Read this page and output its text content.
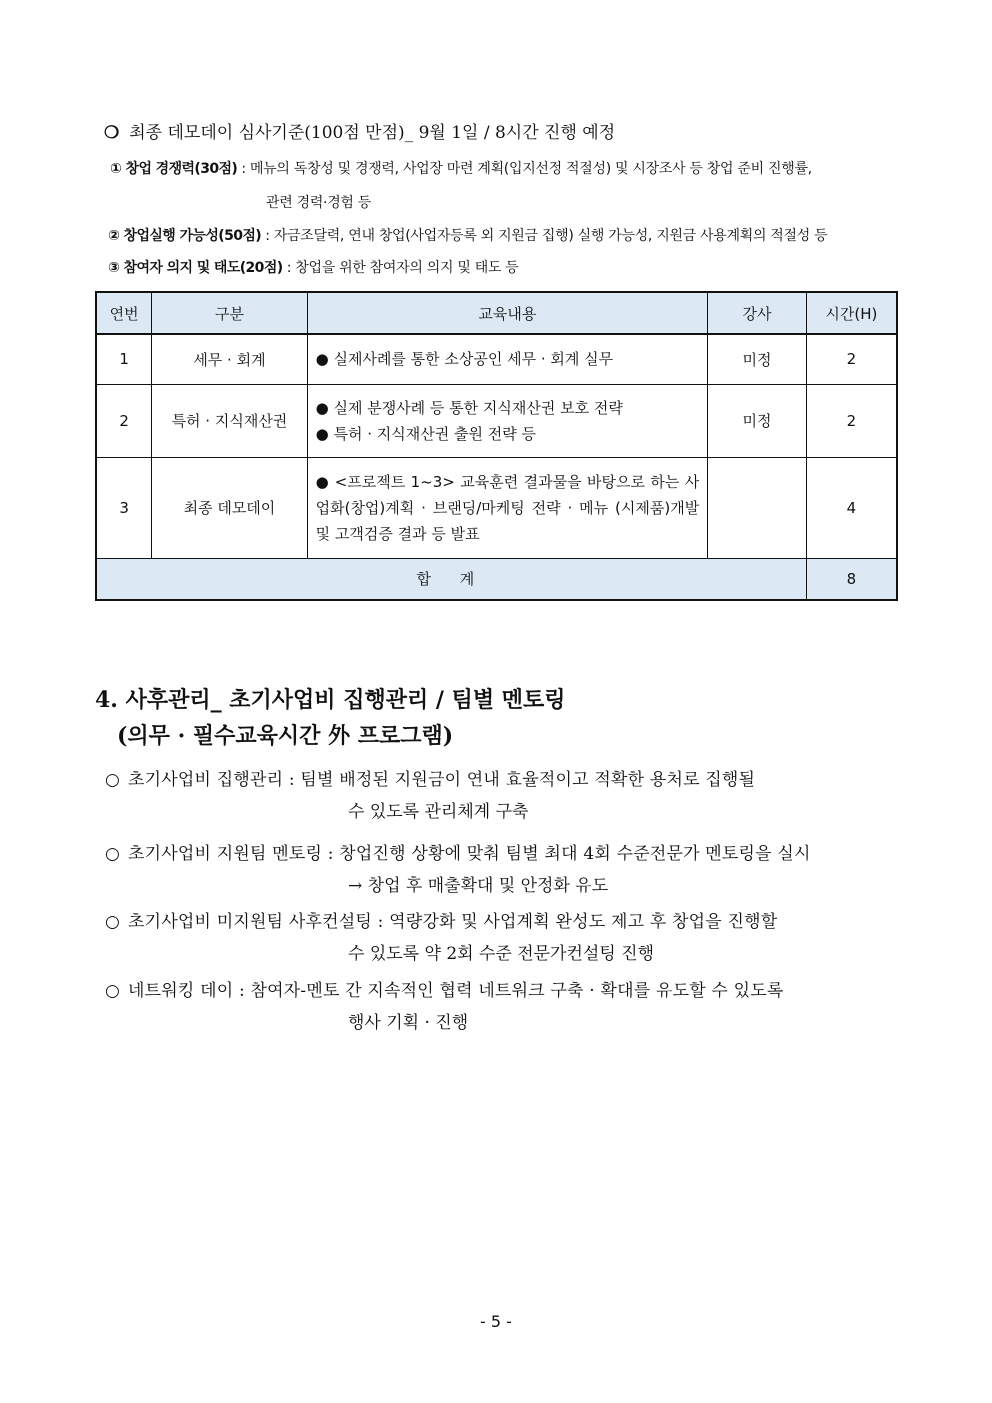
❍ 최종 데모데이 심사기준(100점 만점)_ 9월 1일 / 8시간 진행 예정
① 창업 경쟁력(30점) : 메뉴의 독창성 및 경쟁력, 사업장 마련 계획(입지선정 적절성) 및 시장조사 등 창업 준비 진행률,
관련 경력·경험 등
② 창업실행 가능성(50점) : 자금조달력, 연내 창업(사업자등록 외 지원금 집행) 실행 가능성, 지원금 사용계획의 적절성 등
③ 참여자 의지 및 태도(20점) : 창업을 위한 참여자의 의지 및 태도 등
연번	구분	교육내용	강사	시간(H)
1	세무 · 회계	● 실제사례를 통한 소상공인 세무 · 회계 실무	미정	2
2	특허 · 지식재산권	● 실제 분쟁사례 등 통한 지식재산권 보호 전략
● 특허 · 지식재산권 출원 전략 등	미정	2
3	최종 데모데이	● <프로젝트 1~3> 교육훈련 결과물을 바탕으로 하는 사업화(창업)계획 · 브랜딩/마케팅 전략 · 메뉴 (시제품)개발 및 고객검증 결과 등 발표		4
합 계				8
4. 사후관리_ 초기사업비 집행관리 / 팀별 멘토링
(의무 · 필수교육시간 外 프로그램)
○ 초기사업비 집행관리 : 팀별 배정된 지원금이 연내 효율적이고 적확한 용처로 집행될
수 있도록 관리체계 구축
○ 초기사업비 지원팀 멘토링 : 창업진행 상황에 맞춰 팀별 최대 4회 수준전문가 멘토링을 실시
→ 창업 후 매출확대 및 안정화 유도
○ 초기사업비 미지원팀 사후컨설팅 : 역량강화 및 사업계획 완성도 제고 후 창업을 진행할
수 있도록 약 2회 수준 전문가컨설팅 진행
○ 네트워킹 데이 : 참여자-멘토 간 지속적인 협력 네트워크 구축 · 확대를 유도할 수 있도록
행사 기획 · 진행
- 5 -
